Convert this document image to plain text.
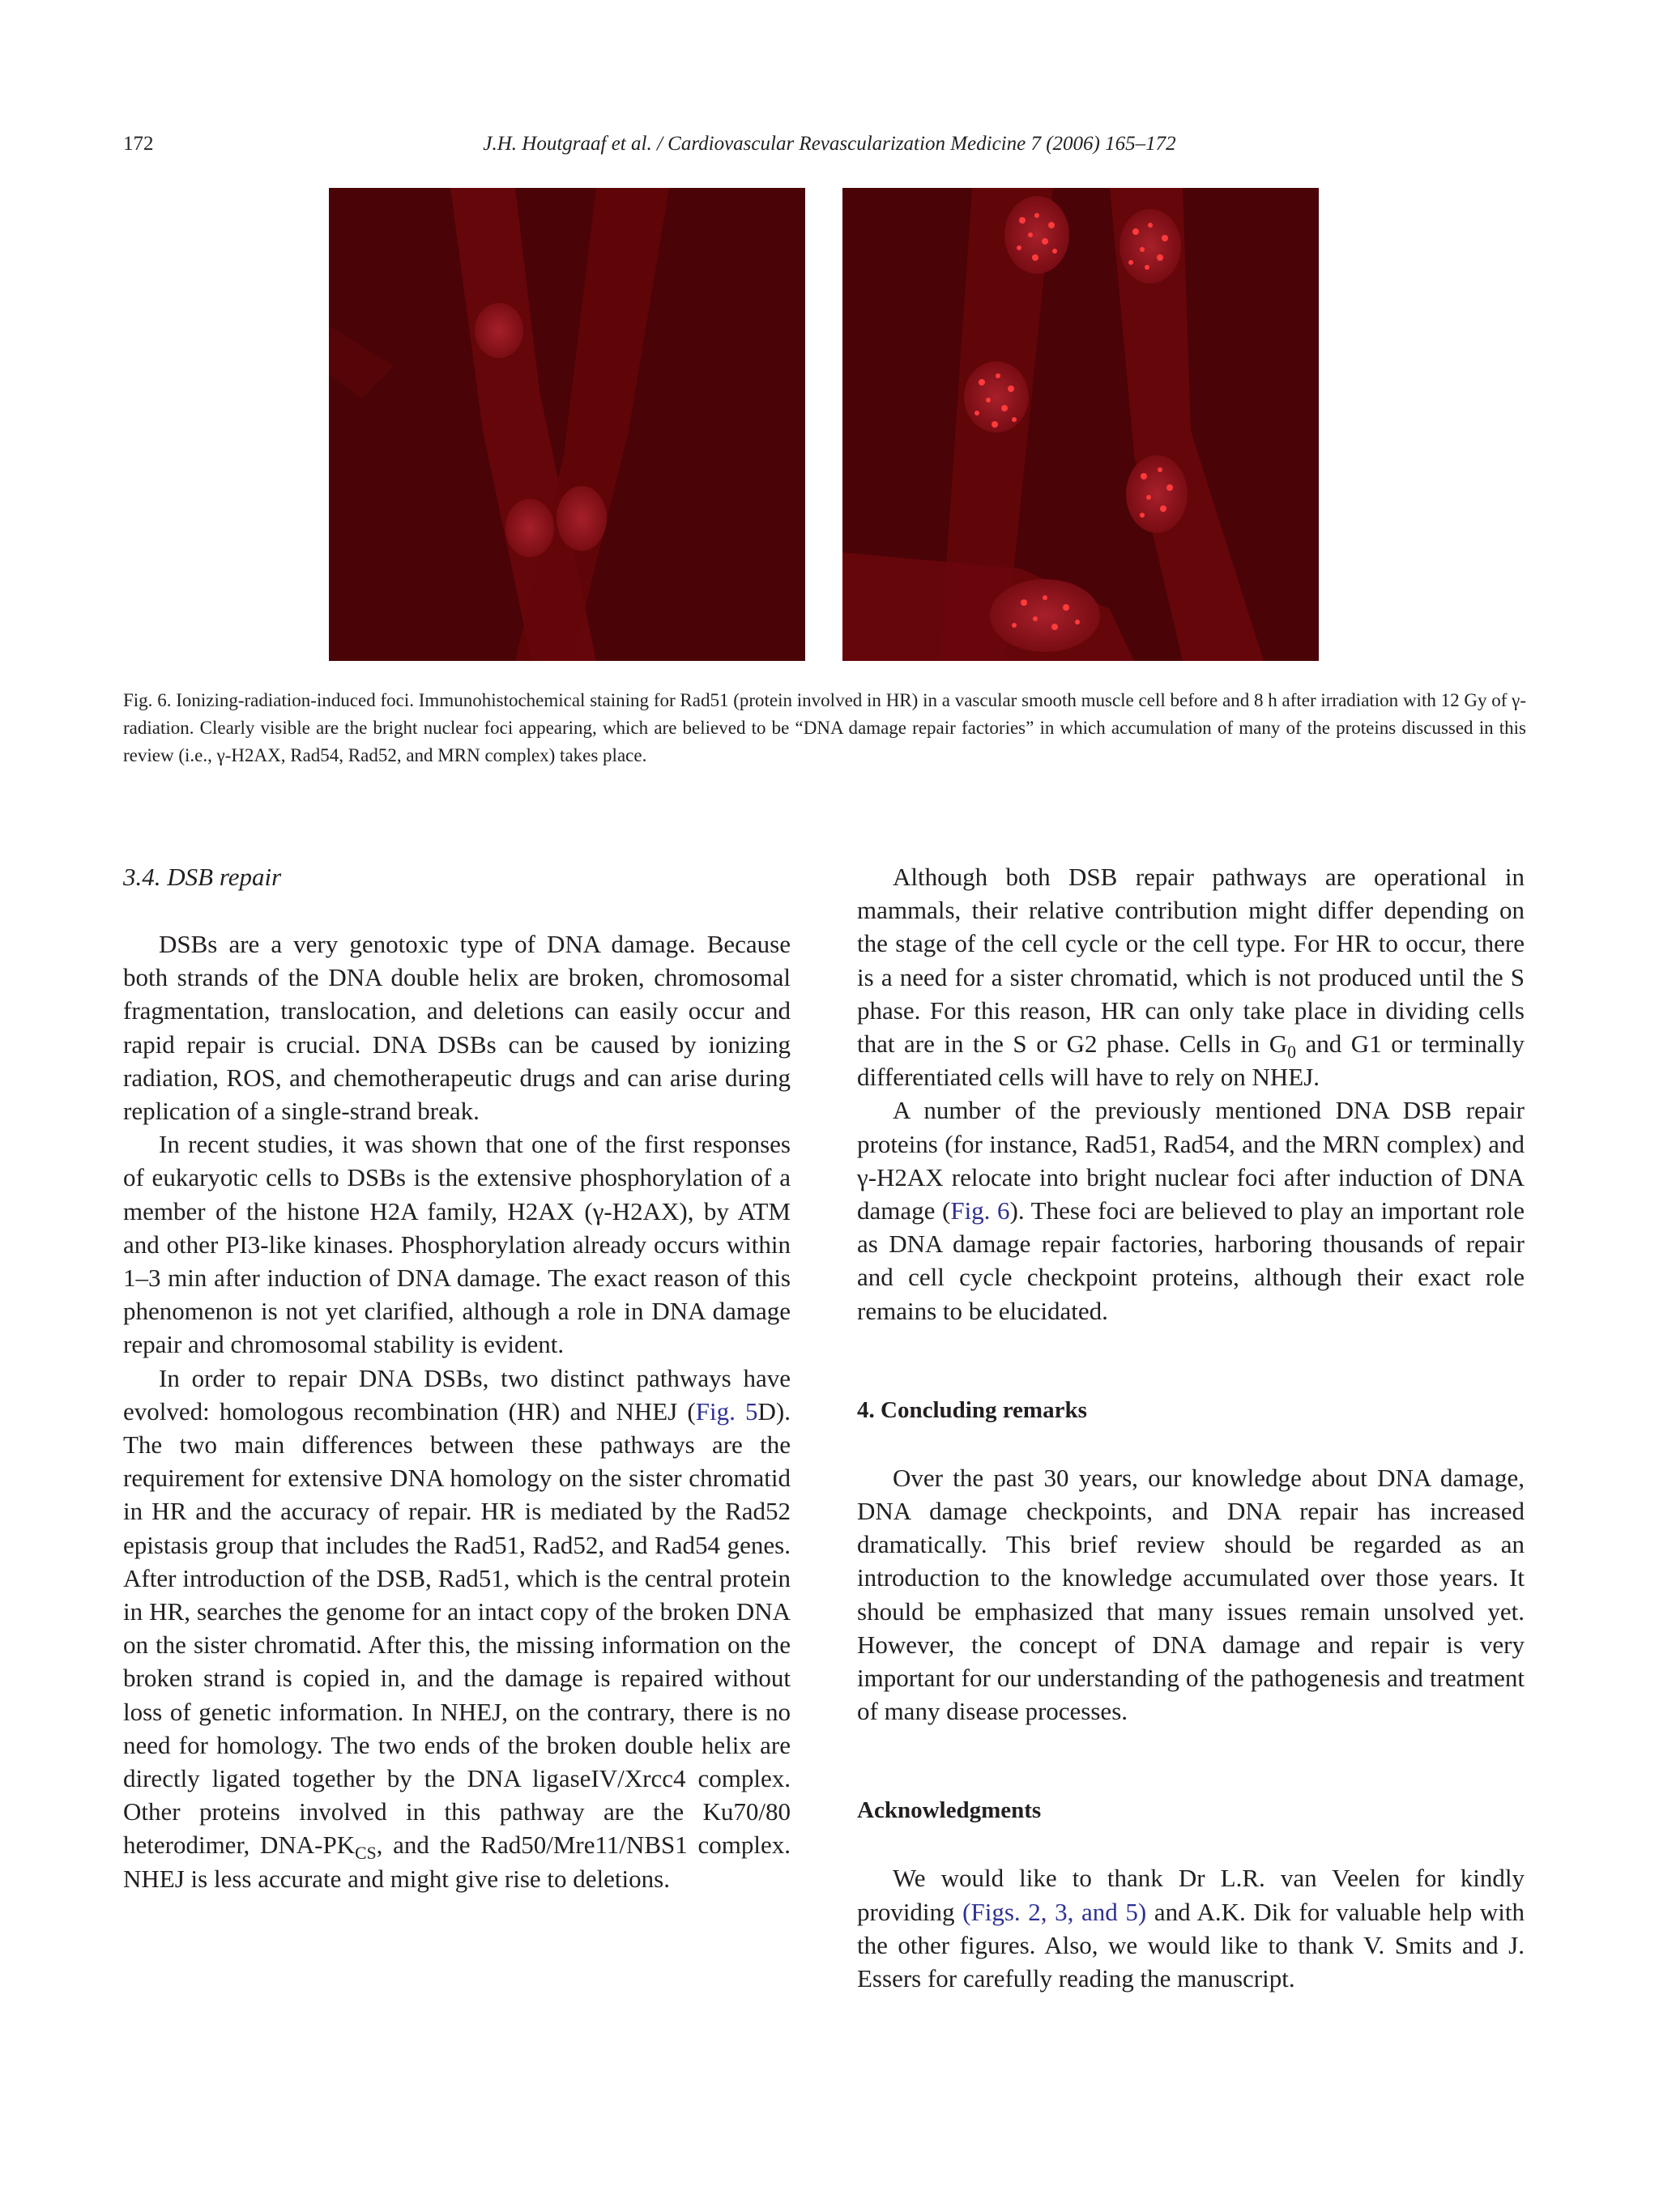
172	J.H. Houtgraaf et al. / Cardiovascular Revascularization Medicine 7 (2006) 165–172
Fig. 6. Ionizing-radiation-induced foci. Immunohistochemical staining for Rad51 (protein involved in HR) in a vascular smooth muscle cell before and 8 h after irradiation with 12 Gy of γ-radiation. Clearly visible are the bright nuclear foci appearing, which are believed to be “DNA damage repair factories” in which accumulation of many of the proteins discussed in this review (i.e., γ-H2AX, Rad54, Rad52, and MRN complex) takes place.
3.4. DSB repair

DSBs are a very genotoxic type of DNA damage. Because both strands of the DNA double helix are broken, chromosomal fragmentation, translocation, and deletions can easily occur and rapid repair is crucial. DNA DSBs can be caused by ionizing radiation, ROS, and chemotherapeutic drugs and can arise during replication of a single-strand break.

In recent studies, it was shown that one of the first responses of eukaryotic cells to DSBs is the extensive phosphorylation of a member of the histone H2A family, H2AX (γ-H2AX), by ATM and other PI3-like kinases. Phosphorylation already occurs within 1–3 min after induction of DNA damage. The exact reason of this phenomenon is not yet clarified, although a role in DNA damage repair and chromosomal stability is evident.

In order to repair DNA DSBs, two distinct pathways have evolved: homologous recombination (HR) and NHEJ (Fig. 5D). The two main differences between these pathways are the requirement for extensive DNA homology on the sister chromatid in HR and the accuracy of repair. HR is mediated by the Rad52 epistasis group that includes the Rad51, Rad52, and Rad54 genes. After introduction of the DSB, Rad51, which is the central protein in HR, searches the genome for an intact copy of the broken DNA on the sister chromatid. After this, the missing information on the broken strand is copied in, and the damage is repaired without loss of genetic information. In NHEJ, on the contrary, there is no need for homology. The two ends of the broken double helix are directly ligated together by the DNA ligaseIV/Xrcc4 complex. Other proteins involved in this pathway are the Ku70/80 heterodimer, DNA-$PK_{CS}$, and the Rad50/Mre11/NBS1 complex. NHEJ is less accurate and might give rise to deletions.

Although both DSB repair pathways are operational in mammals, their relative contribution might differ depending on the stage of the cell cycle or the cell type. For HR to occur, there is a need for a sister chromatid, which is not produced until the S phase. For this reason, HR can only take place in dividing cells that are in the S or G2 phase. Cells in $G_0$ and G1 or terminally differentiated cells will have to rely on NHEJ.

A number of the previously mentioned DNA DSB repair proteins (for instance, Rad51, Rad54, and the MRN complex) and γ-H2AX relocate into bright nuclear foci after induction of DNA damage (Fig. 6). These foci are believed to play an important role as DNA damage repair factories, harboring thousands of repair and cell cycle checkpoint proteins, although their exact role remains to be elucidated.

4. Concluding remarks

Over the past 30 years, our knowledge about DNA damage, DNA damage checkpoints, and DNA repair has increased dramatically. This brief review should be regarded as an introduction to the knowledge accumulated over those years. It should be emphasized that many issues remain unsolved yet. However, the concept of DNA damage and repair is very important for our understanding of the pathogenesis and treatment of many disease processes.

Acknowledgments

We would like to thank Dr L.R. van Veelen for kindly providing (Figs. 2, 3, and 5) and A.K. Dik for valuable help with the other figures. Also, we would like to thank V. Smits and J. Essers for carefully reading the manuscript.
